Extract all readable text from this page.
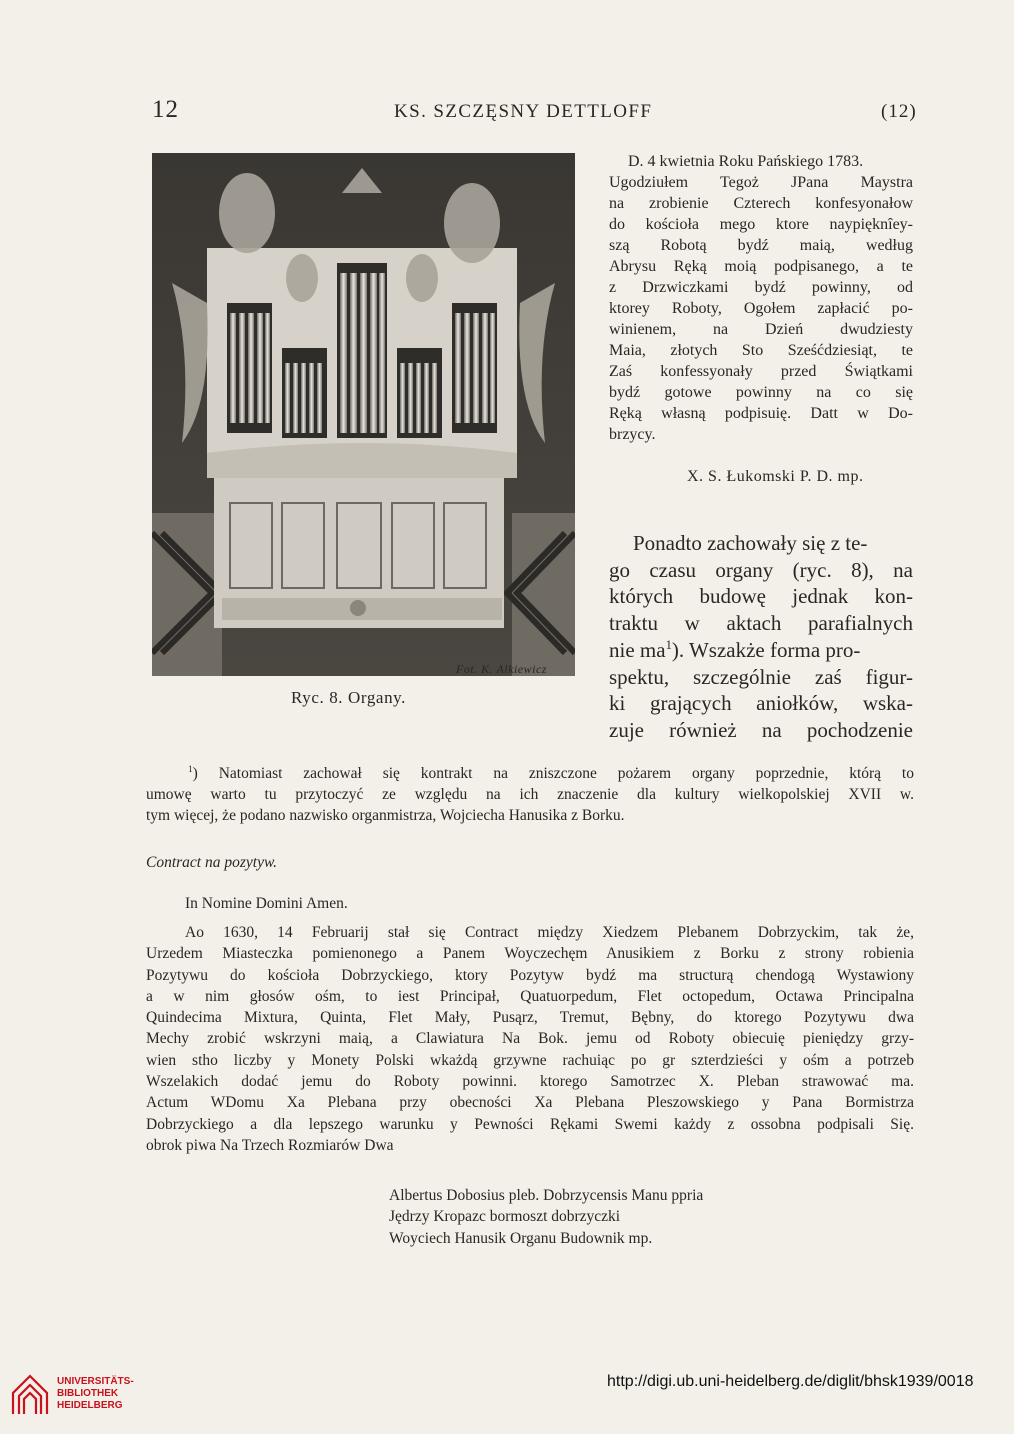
12	KS. SZCZĘSNY DETTLOFF	(12)
Fot. K. Alkiewicz
Ryc. 8. Organy.
D. 4 kwietnia Roku Pańskiego 1783.
Ugodziułem Tegoż JPana Maystra
na zrobienie Czterech konfesyonałow
do kościoła mego ktore naypięknîey-
szą Robotą bydź maią, według
Abrysu Ręką moią podpisanego, a te
z Drzwiczkami bydź powinny, od
ktorey Roboty, Ogołem zapłacić po-
winienem, na Dzień dwudziesty
Maia, złotych Sto Sześćdziesiąt, te
Zaś konfessyonały przed Świątkami
bydź gotowe powinny na co się
Ręką własną podpisuię. Datt w Do-
brzycy.
X. S. Łukomski P. D. mp.
Ponadto zachowały się z te-
go czasu organy (ryc. 8), na
których budowę jednak kon-
traktu w aktach parafialnych
nie $ma^1$). Wszakże forma pro-
spektu, szczególnie zaś figur-
ki grających aniołków, wska-
zuje również na pochodzenie
$^1$) Natomiast zachował się kontrakt na zniszczone pożarem organy poprzednie, którą to
umowę warto tu przytoczyć ze względu na ich znaczenie dla kultury wielkopolskiej XVII w.
tym więcej, że podano nazwisko organmistrza, Wojciecha Hanusika z Borku.
Contract na pozytyw.
In Nomine Domini Amen.
Ao 1630, 14 Februarij stał się Contract między Xiedzem Plebanem Dobrzyckim, tak że,
Urzedem Miasteczka pomienonego a Panem Woyczechęm Anusikiem z Borku z strony robienia
Pozytywu do kościoła Dobrzyckiego, ktory Pozytyw bydź ma structurą chendogą Wystawiony
a w nim głosów ośm, to iest Principał, Quatuorpedum, Flet octopedum, Octawa Principalna
Quindecima Mixtura, Quinta, Flet Mały, Pusąrz, Tremut, Bębny, do ktorego Pozytywu dwa
Mechy zrobić wskrzyni maią, a Clawiatura Na Bok. jemu od Roboty obiecuię pieniędzy grzy-
wien stho liczby y Monety Polski wkażdą grzywne rachuiąc po gr szterdzieści y ośm a potrzeb
Wszelakich dodać jemu do Roboty powinni. ktorego Samotrzec X. Pleban strawować ma.
Actum WDomu Xa Plebana przy obecności Xa Plebana Pleszowskiego y Pana Bormistrza
Dobrzyckiego a dla lepszego warunku y Pewności Rękami Swemi każdy z ossobna podpisali Się.
obrok piwa Na Trzech Rozmiarów Dwa
Albertus Dobosius pleb. Dobrzycensis Manu ppria
Jędrzy Kropazc bormoszt dobrzyczki
Woyciech Hanusik Organu Budownik mp.
UNIVERSITÄTS-
BIBLIOTHEK
HEIDELBERG
http://digi.ub.uni-heidelberg.de/diglit/bhsk1939/0018
